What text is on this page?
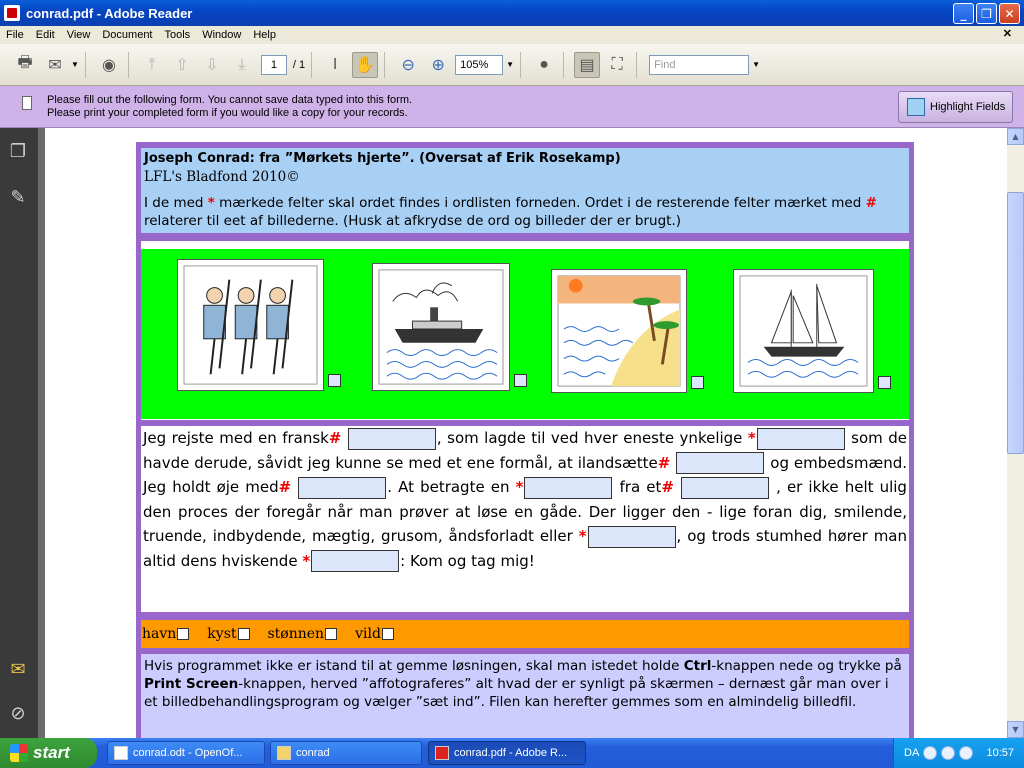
conrad.pdf - Adobe Reader	_	❐	✕
File	Edit	View	Document	Tools	Window	Help	✕
🖶 ✉	▼	◉	⤒	⇧	⇩	⤓	1	/ 1	I	✋	⊖	⊕	105%	▼	●	▤	⛶	Find	▼
Please fill out the following form. You cannot save data typed into this form.
Please print your completed form if you would like a copy for your records.	Highlight Fields
❐
✎
✉
⊘
Joseph Conrad: fra ”Mørkets hjerte”. (Oversat af Erik Rosekamp)
LFL's Bladfond 2010©
I de med * mærkede felter skal ordet findes i ordlisten forneden. Ordet i de resterende felter mærket med # relaterer til eet af billederne. (Husk at afkrydse de ord og billeder der er brugt.)
Jeg rejste med en fransk#	, som lagde til ved hver eneste ynkelige *	som de havde derude, såvidt jeg kunne se med et ene formål, at ilandsætte#	og embedsmænd. Jeg holdt øje med#	. At betragte en *	fra et#	, er ikke helt ulig den proces der foregår når man prøver at løse en gåde. Der ligger den - lige foran dig, smilende, truende, indbydende, mægtig, grusom, åndsforladt eller *	, og trods stumhed hører man altid dens hviskende *	: Kom og tag mig!
havn kyst stønnen vild
Hvis programmet ikke er istand til at gemme løsningen, skal man istedet holde Ctrl-knappen nede og trykke på Print Screen-knappen, herved ”affotograferes” alt hvad der er synligt på skærmen – dernæst går man over i et billedbehandlingsprogram og vælger ”sæt ind”. Filen kan herefter gemmes som en almindelig billedfil.
▲
▼
start	conrad.odt - OpenOf...	conrad	conrad.pdf - Adobe R...	DA	10:57
